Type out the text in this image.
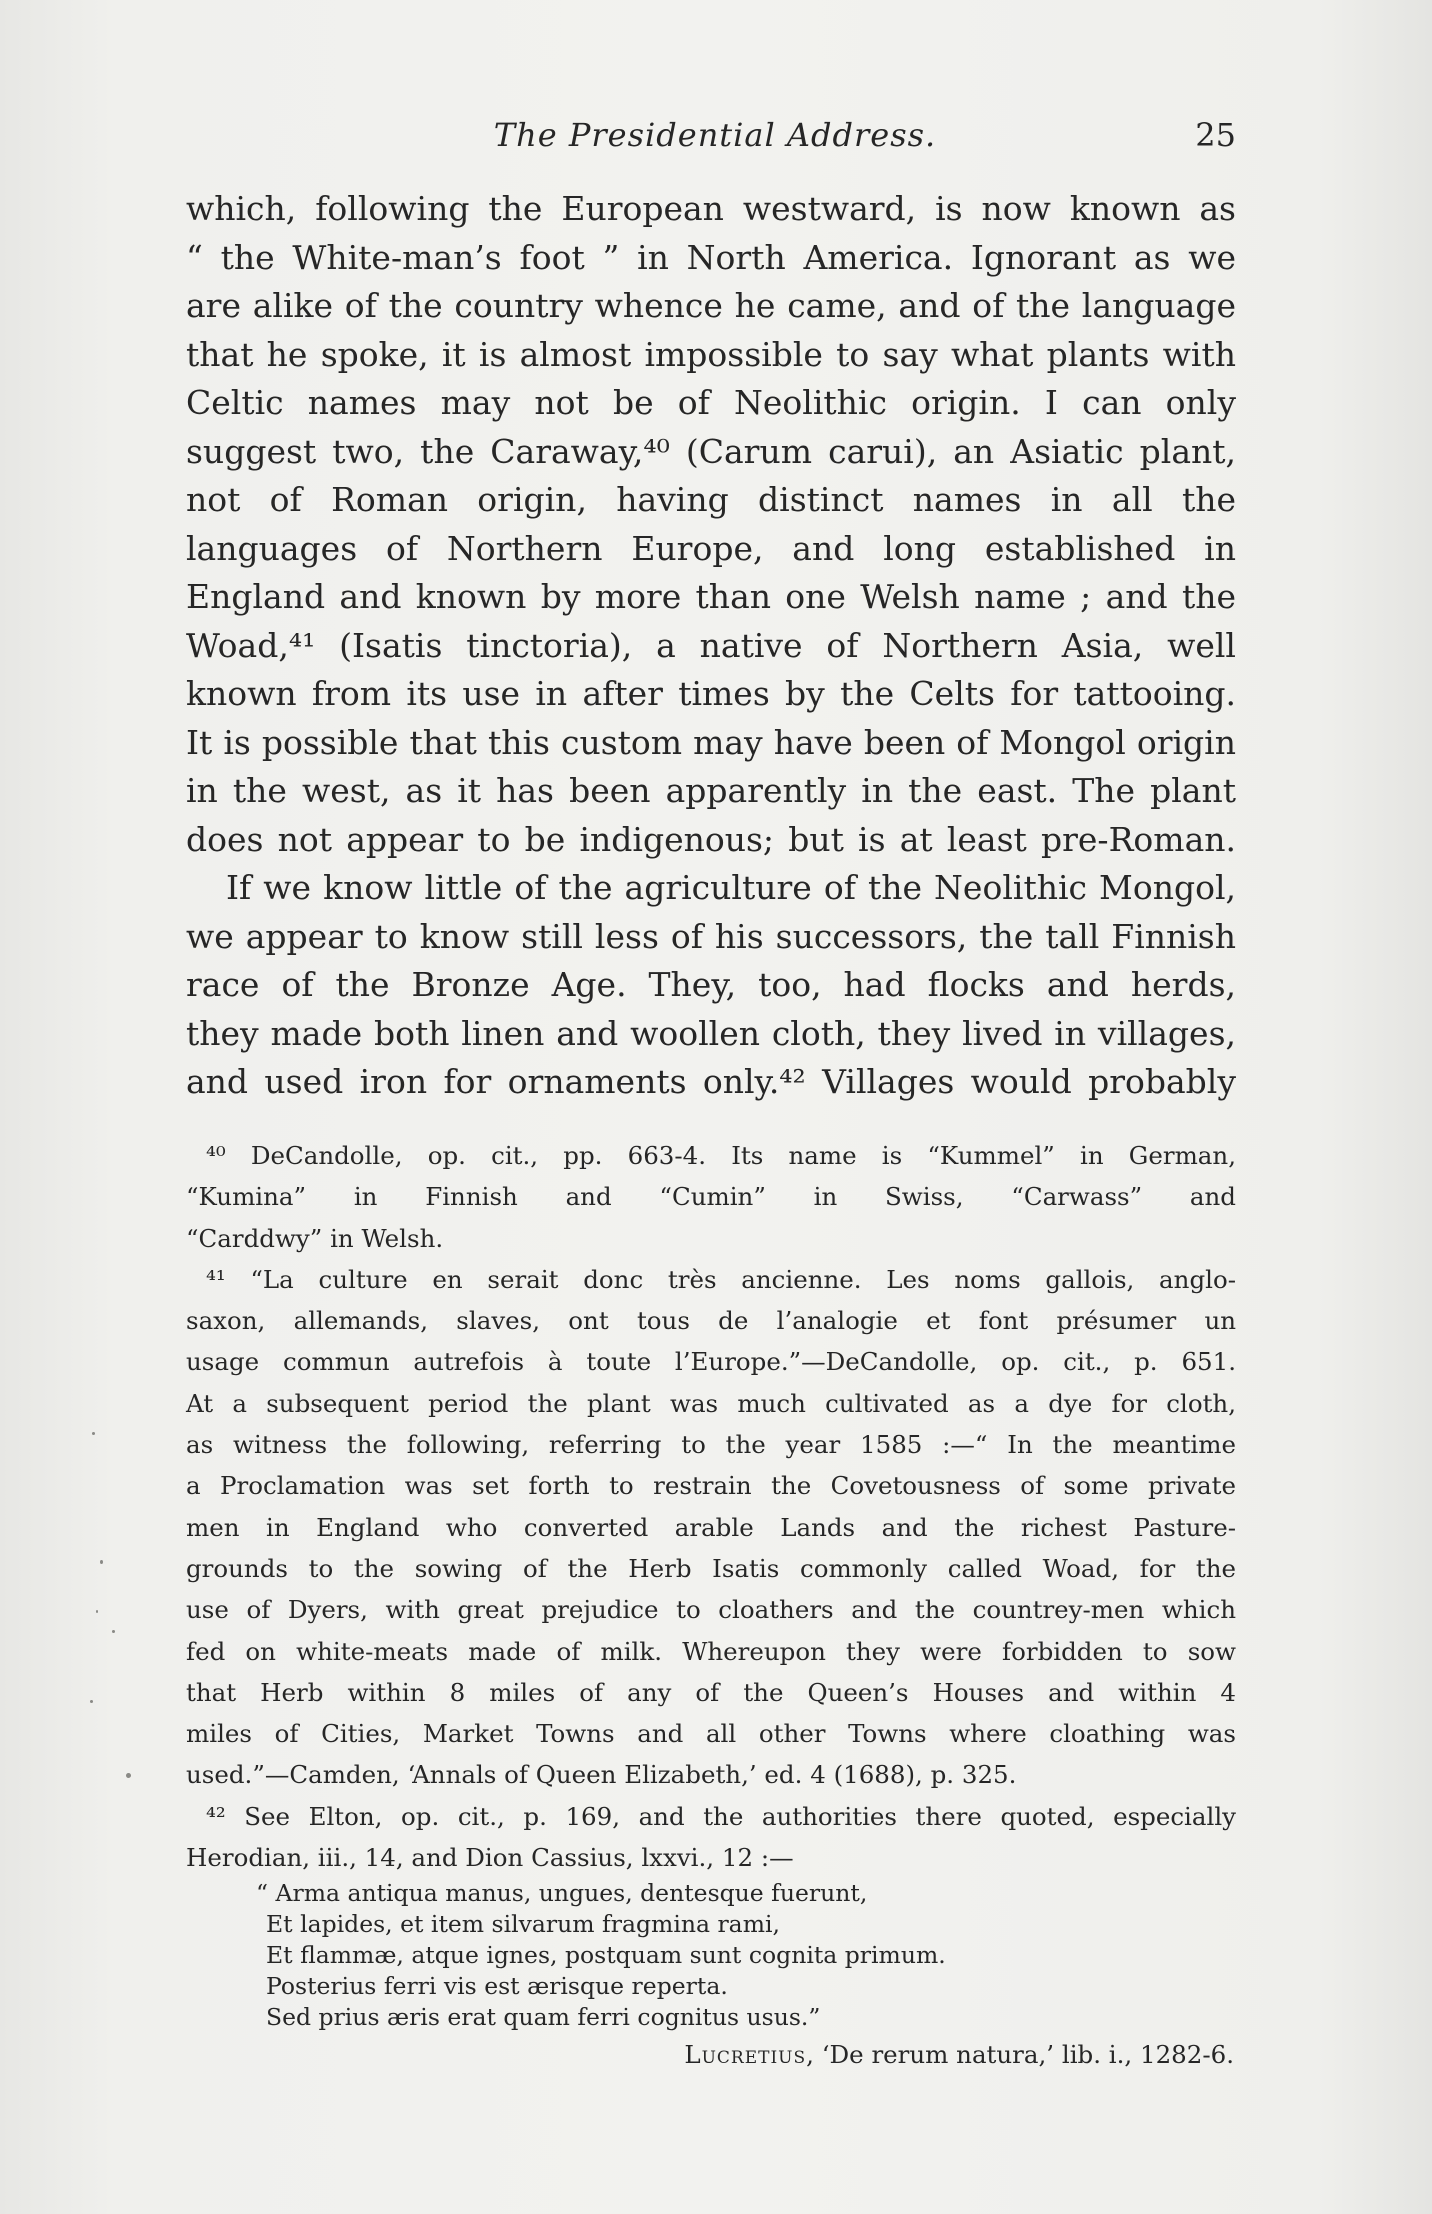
The Presidential Address.	25
which, following the European westward, is now known as
“ the White-man’s foot ” in North America. Ignorant as we
are alike of the country whence he came, and of the language
that he spoke, it is almost impossible to say what plants with
Celtic names may not be of Neolithic origin. I can only
suggest two, the Caraway,⁴⁰ (Carum carui), an Asiatic plant,
not of Roman origin, having distinct names in all the
languages of Northern Europe, and long established in
England and known by more than one Welsh name ; and the
Woad,⁴¹ (Isatis tinctoria), a native of Northern Asia, well
known from its use in after times by the Celts for tattooing.
It is possible that this custom may have been of Mongol origin
in the west, as it has been apparently in the east. The plant
does not appear to be indigenous; but is at least pre-Roman.
If we know little of the agriculture of the Neolithic Mongol,
we appear to know still less of his successors, the tall Finnish
race of the Bronze Age. They, too, had flocks and herds,
they made both linen and woollen cloth, they lived in villages,
and used iron for ornaments only.⁴² Villages would probably
⁴⁰ DeCandolle, op. cit., pp. 663-4. Its name is “Kummel” in German,
“Kumina” in Finnish and “Cumin” in Swiss, “Carwass” and
“Carddwy” in Welsh.
⁴¹ “La culture en serait donc très ancienne. Les noms gallois, anglo-
saxon, allemands, slaves, ont tous de l’analogie et font présumer un
usage commun autrefois à toute l’Europe.”—DeCandolle, op. cit., p. 651.
At a subsequent period the plant was much cultivated as a dye for cloth,
as witness the following, referring to the year 1585 :—“ In the meantime
a Proclamation was set forth to restrain the Covetousness of some private
men in England who converted arable Lands and the richest Pasture-
grounds to the sowing of the Herb Isatis commonly called Woad, for the
use of Dyers, with great prejudice to cloathers and the countrey-men which
fed on white-meats made of milk. Whereupon they were forbidden to sow
that Herb within 8 miles of any of the Queen’s Houses and within 4
miles of Cities, Market Towns and all other Towns where cloathing was
used.”—Camden, ‘Annals of Queen Elizabeth,’ ed. 4 (1688), p. 325.
⁴² See Elton, op. cit., p. 169, and the authorities there quoted, especially
Herodian, iii., 14, and Dion Cassius, lxxvi., 12 :—
“ Arma antiqua manus, ungues, dentesque fuerunt,
Et lapides, et item silvarum fragmina rami,
Et flammæ, atque ignes, postquam sunt cognita primum.
Posterius ferri vis est ærisque reperta.
Sed prius æris erat quam ferri cognitus usus.”
Lucretius, ‘De rerum natura,’ lib. i., 1282-6.
